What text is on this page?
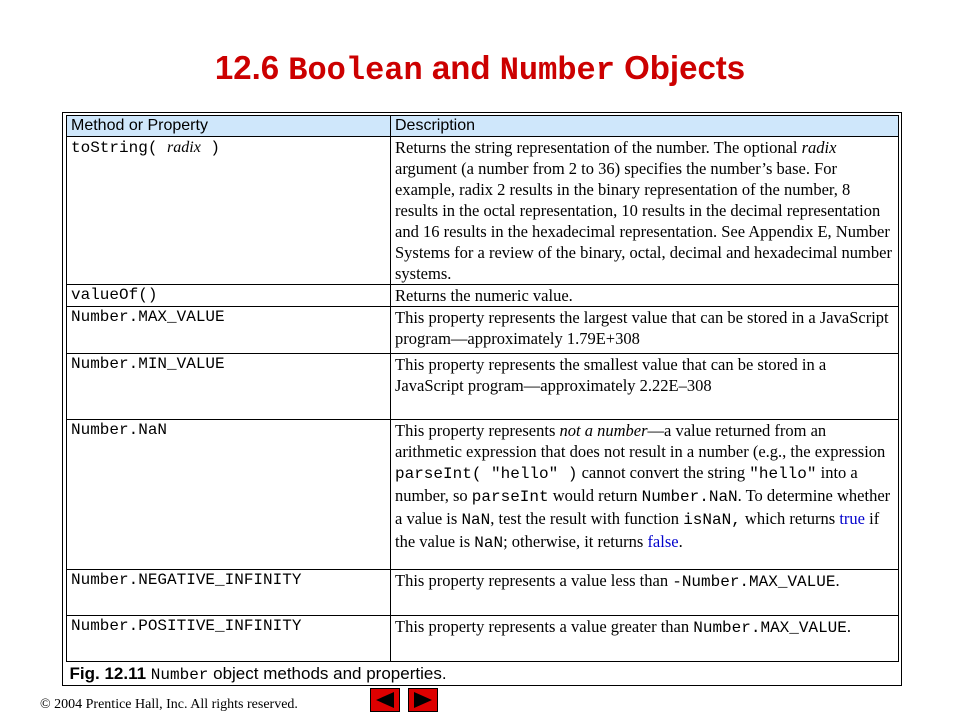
12.6 Boolean and Number Objects
Method or Property	Description
toString( radix )	Returns the string representation of the number. The optional radix argument (a number from 2 to 36) specifies the number’s base. For example, radix 2 results in the binary representation of the number, 8 results in the octal representation, 10 results in the decimal representation and 16 results in the hexadecimal representation. See Appendix E, Number Systems for a review of the binary, octal, decimal and hexadecimal number systems.
valueOf()	Returns the numeric value.
Number.MAX_VALUE	This property represents the largest value that can be stored in a JavaScript program—approximately 1.79E+308
Number.MIN_VALUE	This property represents the smallest value that can be stored in a JavaScript program—approximately 2.22E–308
Number.NaN	This property represents not a number—a value returned from an arithmetic expression that does not result in a number (e.g., the expression parseInt( "hello" ) cannot convert the string "hello" into a number, so parseInt would return Number.NaN. To determine whether a value is NaN, test the result with function isNaN, which returns true if the value is NaN; otherwise, it returns false.
Number.NEGATIVE_INFINITY	This property represents a value less than -Number.MAX_VALUE.
Number.POSITIVE_INFINITY	This property represents a value greater than Number.MAX_VALUE.
Fig. 12.11 Number object methods and properties.	
© 2004 Prentice Hall, Inc. All rights reserved.
